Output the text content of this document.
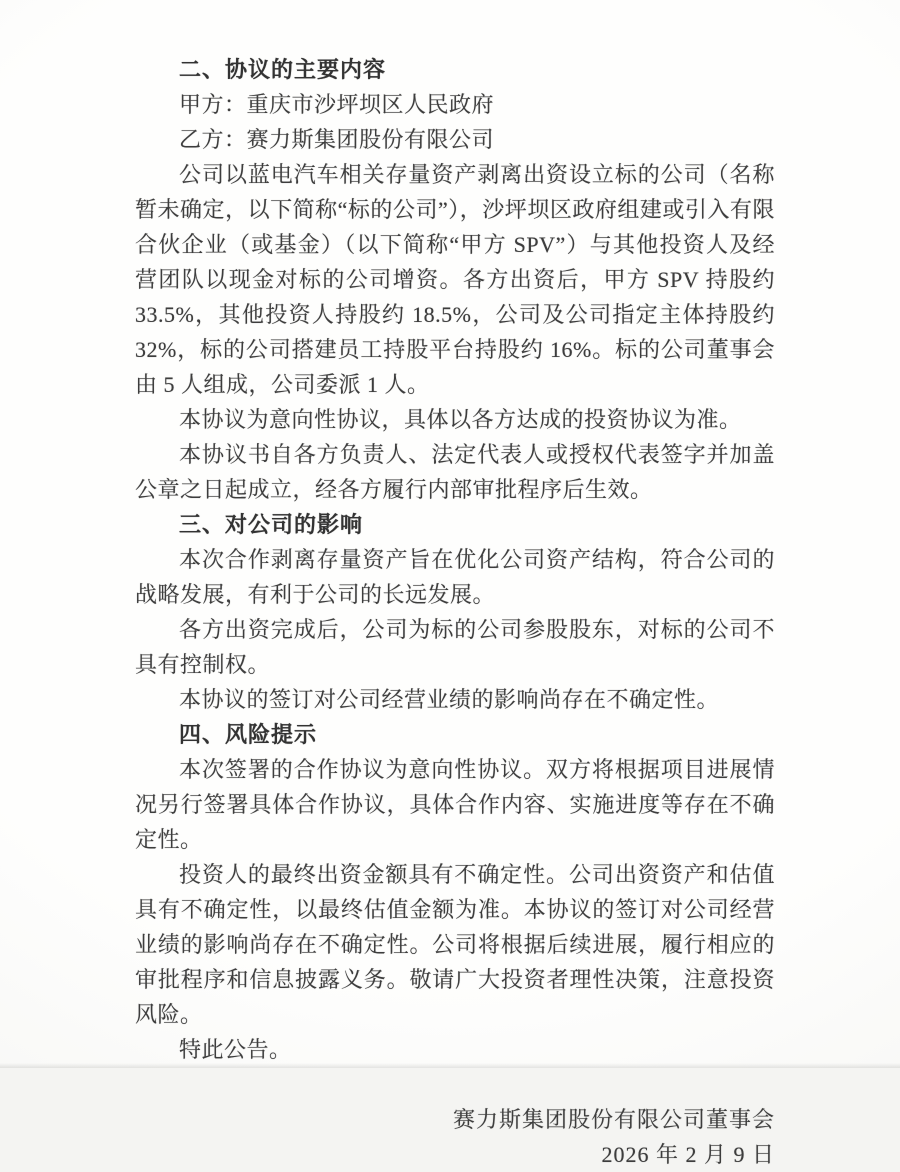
二、协议的主要内容

甲方：重庆市沙坪坝区人民政府

乙方：赛力斯集团股份有限公司

公司以蓝电汽车相关存量资产剥离出资设立标的公司（名称暂未确定，以下简称“标的公司”），沙坪坝区政府组建或引入有限合伙企业（或基金）（以下简称“甲方 SPV”）与其他投资人及经营团队以现金对标的公司增资。各方出资后，甲方 SPV 持股约 33.5%，其他投资人持股约 18.5%，公司及公司指定主体持股约 32%，标的公司搭建员工持股平台持股约 16%。标的公司董事会由 5 人组成，公司委派 1 人。

本协议为意向性协议，具体以各方达成的投资协议为准。

本协议书自各方负责人、法定代表人或授权代表签字并加盖公章之日起成立，经各方履行内部审批程序后生效。

三、对公司的影响

本次合作剥离存量资产旨在优化公司资产结构，符合公司的战略发展，有利于公司的长远发展。

各方出资完成后，公司为标的公司参股股东，对标的公司不具有控制权。

本协议的签订对公司经营业绩的影响尚存在不确定性。

四、风险提示

本次签署的合作协议为意向性协议。双方将根据项目进展情况另行签署具体合作协议，具体合作内容、实施进度等存在不确定性。

投资人的最终出资金额具有不确定性。公司出资资产和估值具有不确定性，以最终估值金额为准。本协议的签订对公司经营业绩的影响尚存在不确定性。公司将根据后续进展，履行相应的审批程序和信息披露义务。敬请广大投资者理性决策，注意投资风险。

特此公告。

赛力斯集团股份有限公司董事会

2026 年 2 月 9 日
